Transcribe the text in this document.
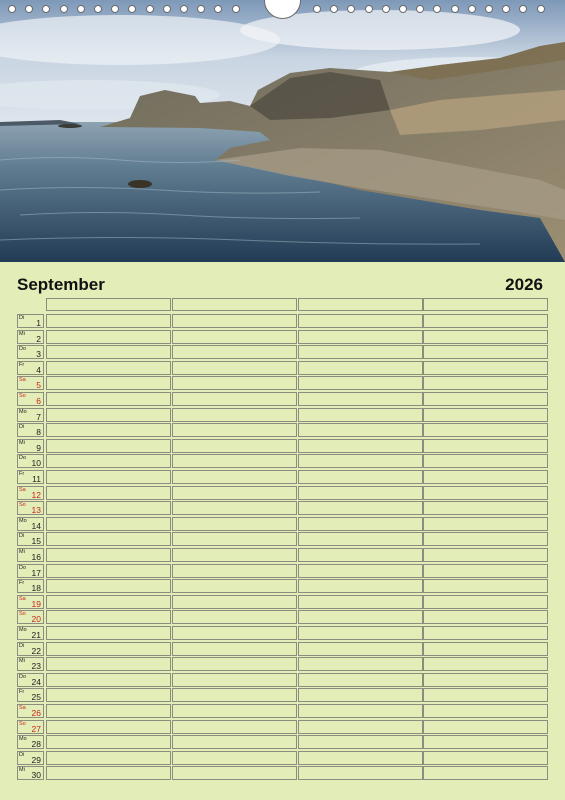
September	2026
Di 1
Mi 2
Do 3
Fr 4
Sa 5
So 6
Mo 7
Di 8
Mi 9
Do 10
Fr 11
Sa 12
So 13
Mo 14
Di 15
Mi 16
Do 17
Fr 18
Sa 19
So 20
Mo 21
Di 22
Mi 23
Do 24
Fr 25
Sa 26
So 27
Mo 28
Di 29
Mi 30
